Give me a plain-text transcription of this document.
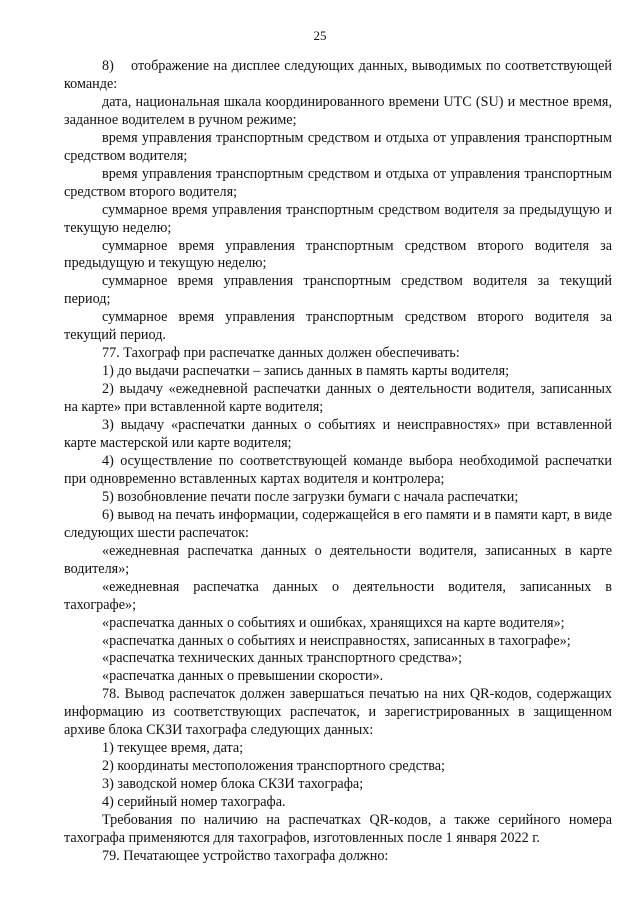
25

8)    отображение на дисплее следующих данных, выводимых по соответствующей команде:

дата, национальная шкала координированного времени UTC (SU) и местное время, заданное водителем в ручном режиме;

время управления транспортным средством и отдыха от управления транспортным средством водителя;

время управления транспортным средством и отдыха от управления транспортным средством второго водителя;

суммарное время управления транспортным средством водителя за предыдущую и текущую неделю;

суммарное время управления транспортным средством второго водителя за предыдущую и текущую неделю;

суммарное время управления транспортным средством водителя за текущий период;

суммарное время управления транспортным средством второго водителя за текущий период.

77. Тахограф при распечатке данных должен обеспечивать:

1) до выдачи распечатки – запись данных в память карты водителя;

2) выдачу «ежедневной распечатки данных о деятельности водителя, записанных на карте» при вставленной карте водителя;

3) выдачу «распечатки данных о событиях и неисправностях» при вставленной карте мастерской или карте водителя;

4) осуществление по соответствующей команде выбора необходимой распечатки при одновременно вставленных картах водителя и контролера;

5) возобновление печати после загрузки бумаги с начала распечатки;

6) вывод на печать информации, содержащейся в его памяти и в памяти карт, в виде следующих шести распечаток:

«ежедневная распечатка данных о деятельности водителя, записанных в карте водителя»;

«ежедневная распечатка данных о деятельности водителя, записанных в тахографе»;

«распечатка данных о событиях и ошибках, хранящихся на карте водителя»;

«распечатка данных о событиях и неисправностях, записанных в тахографе»;

«распечатка технических данных транспортного средства»;

«распечатка данных о превышении скорости».

78. Вывод распечаток должен завершаться печатью на них QR-кодов, содержащих информацию из соответствующих распечаток, и зарегистрированных в защищенном архиве блока СКЗИ тахографа следующих данных:

1) текущее время, дата;

2) координаты местоположения транспортного средства;

3) заводской номер блока СКЗИ тахографа;

4) серийный номер тахографа.

Требования по наличию на распечатках QR-кодов, а также серийного номера тахографа применяются для тахографов, изготовленных после 1 января 2022 г.

79. Печатающее устройство тахографа должно:
